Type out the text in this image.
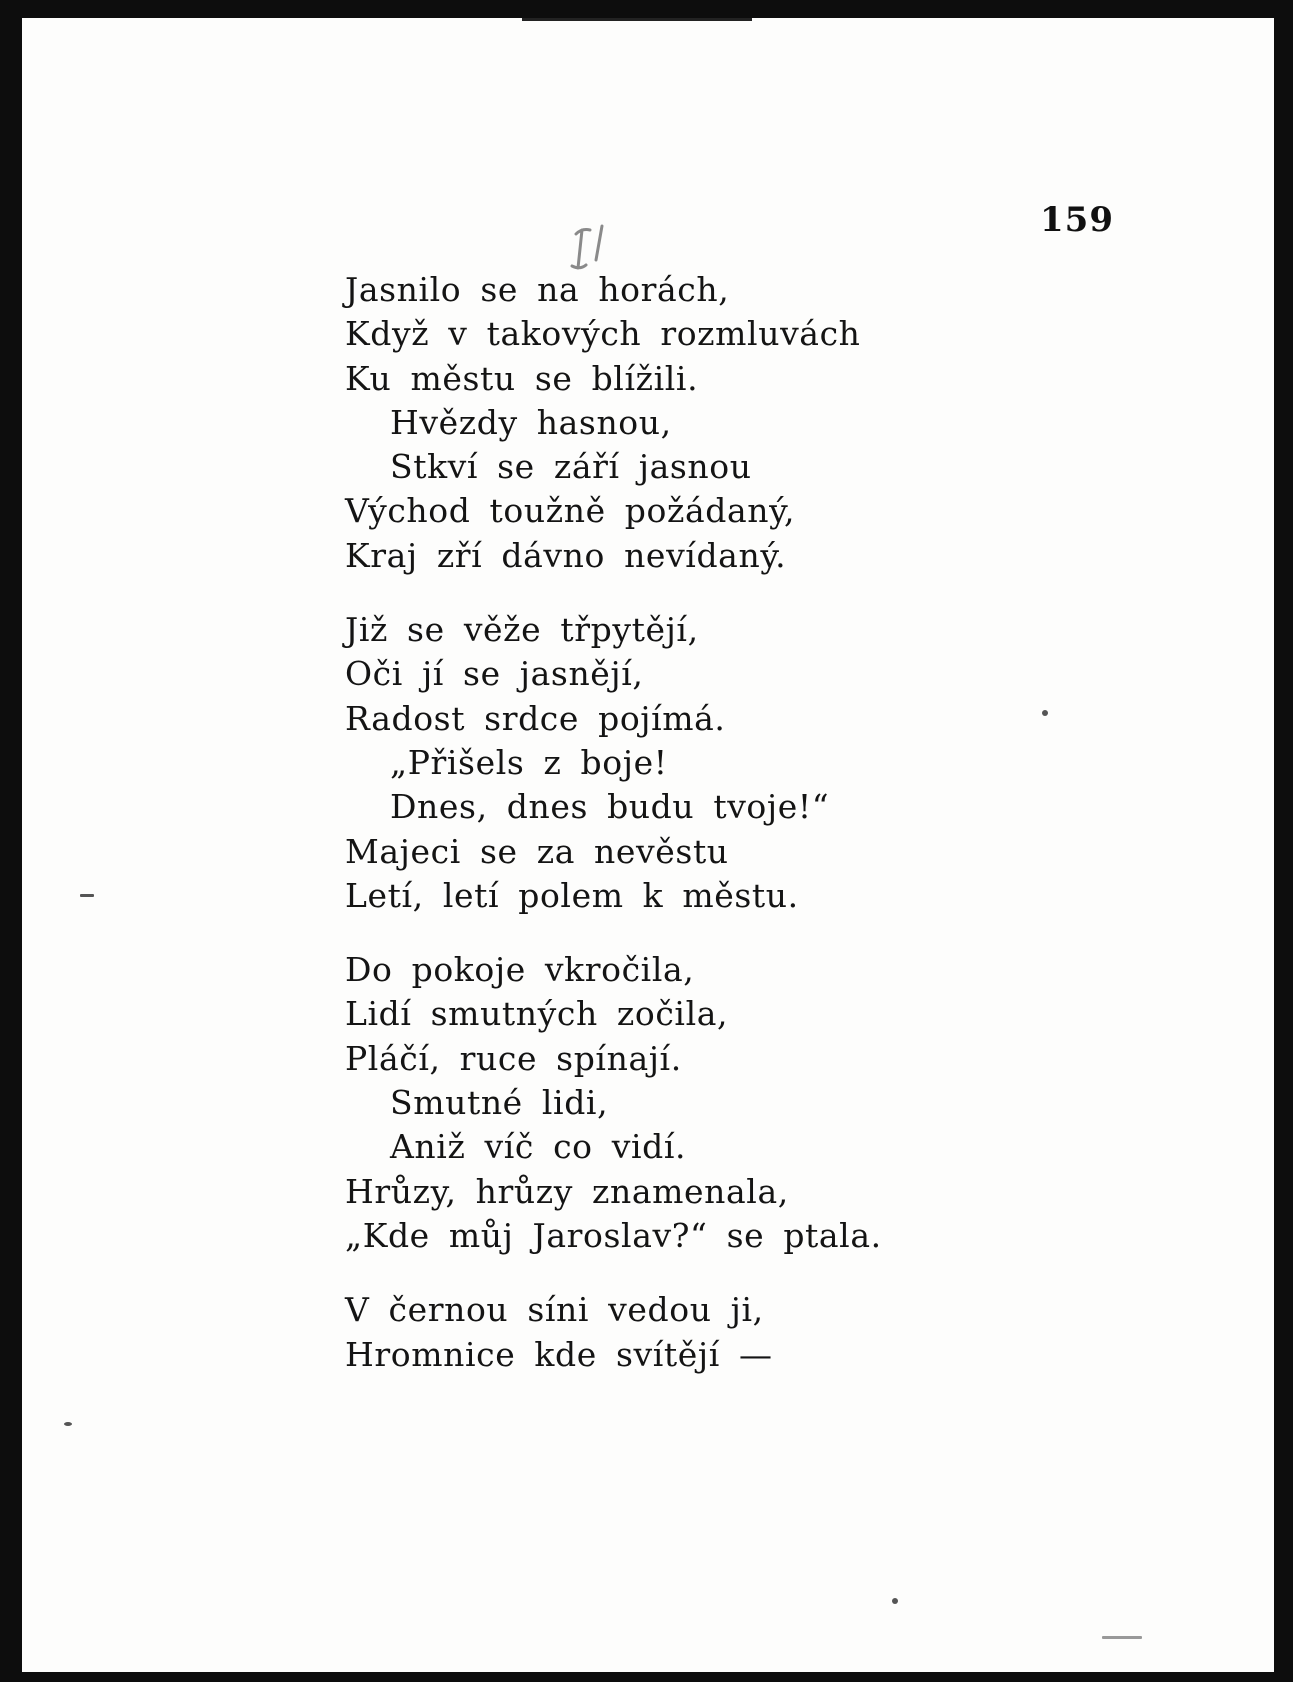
159
Jasnilo se na horách,
Když v takových rozmluvách
Ku městu se blížili.
Hvězdy hasnou,
Stkví se září jasnou
Východ toužně požádaný,
Kraj zří dávno nevídaný.
Již se věže třpytějí,
Oči jí se jasnějí,
Radost srdce pojímá.
„Přišels z boje!
Dnes, dnes budu tvoje!“
Majeci se za nevěstu
Letí, letí polem k městu.
Do pokoje vkročila,
Lidí smutných zočila,
Pláčí, ruce spínají.
Smutné lidi,
Aniž víč co vidí.
Hrůzy, hrůzy znamenala,
„Kde můj Jaroslav?“ se ptala.
V černou síni vedou ji,
Hromnice kde svítějí —
